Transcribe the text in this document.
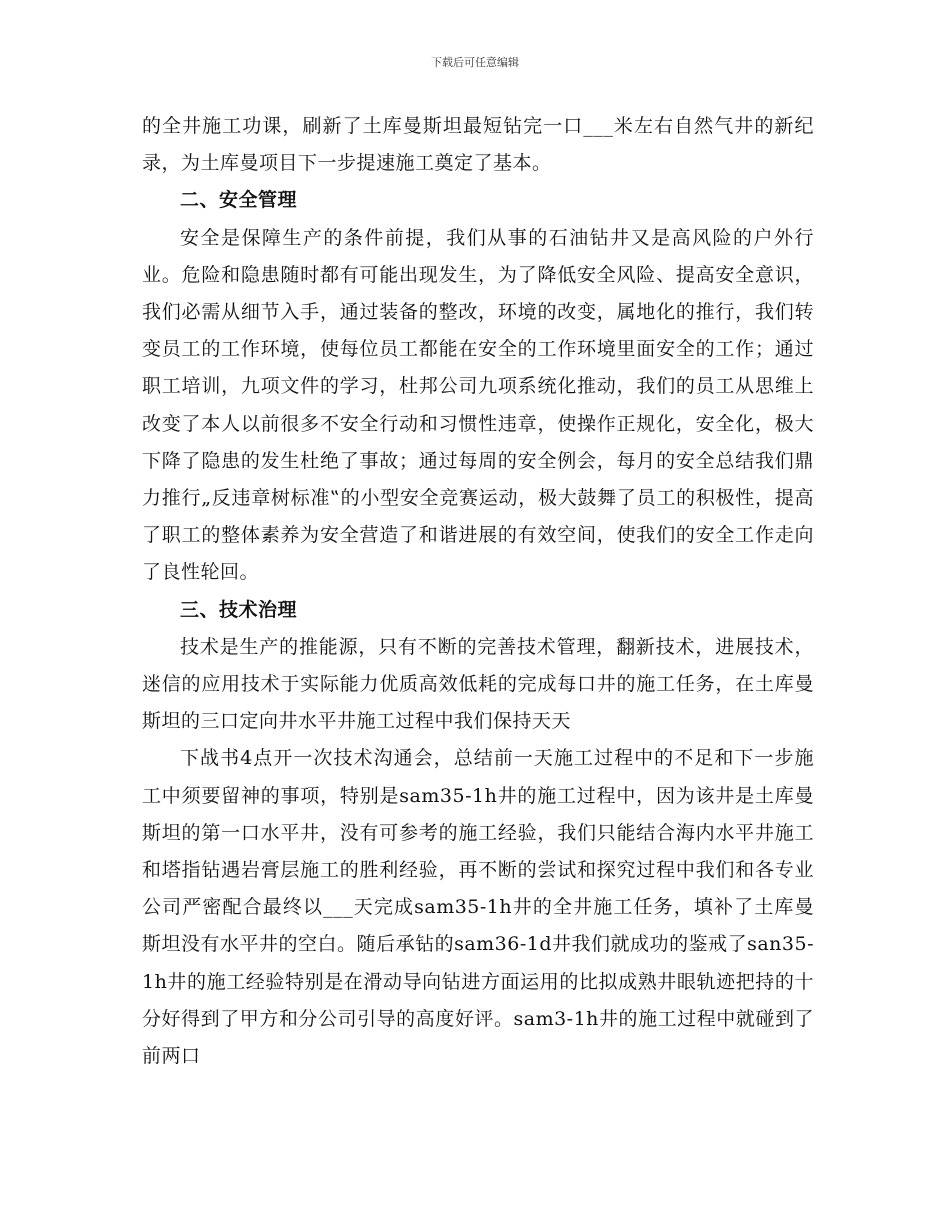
下载后可任意编辑

的全井施工功课，刷新了土库曼斯坦最短钻完一口___米左右自然气井的新纪录，为土库曼项目下一步提速施工奠定了基本。

二、安全管理

安全是保障生产的条件前提，我们从事的石油钻井又是高风险的户外行业。危险和隐患随时都有可能出现发生，为了降低安全风险、提高安全意识，我们必需从细节入手，通过装备的整改，环境的改变，属地化的推行，我们转变员工的工作环境，使每位员工都能在安全的工作环境里面安全的工作；通过职工培训，九项文件的学习，杜邦公司九项系统化推动，我们的员工从思维上改变了本人以前很多不安全行动和习惯性违章，使操作正规化，安全化，极大下降了隐患的发生杜绝了事故；通过每周的安全例会，每月的安全总结我们鼎力推行„反违章树标准‟的小型安全竞赛运动，极大鼓舞了员工的积极性，提高了职工的整体素养为安全营造了和谐进展的有效空间，使我们的安全工作走向了良性轮回。

三、技术治理

技术是生产的推能源，只有不断的完善技术管理，翻新技术，进展技术，迷信的应用技术于实际能力优质高效低耗的完成每口井的施工任务，在土库曼斯坦的三口定向井水平井施工过程中我们保持天天

下战书4点开一次技术沟通会，总结前一天施工过程中的不足和下一步施工中须要留神的事项，特别是sam35-1h井的施工过程中，因为该井是土库曼斯坦的第一口水平井，没有可参考的施工经验，我们只能结合海内水平井施工和塔指钻遇岩膏层施工的胜利经验，再不断的尝试和探究过程中我们和各专业公司严密配合最终以___天完成sam35-1h井的全井施工任务，填补了土库曼斯坦没有水平井的空白。随后承钻的sam36-1d井我们就成功的鉴戒了san35-1h井的施工经验特别是在滑动导向钻进方面运用的比拟成熟井眼轨迹把持的十分好得到了甲方和分公司引导的高度好评。sam3-1h井的施工过程中就碰到了前两口
